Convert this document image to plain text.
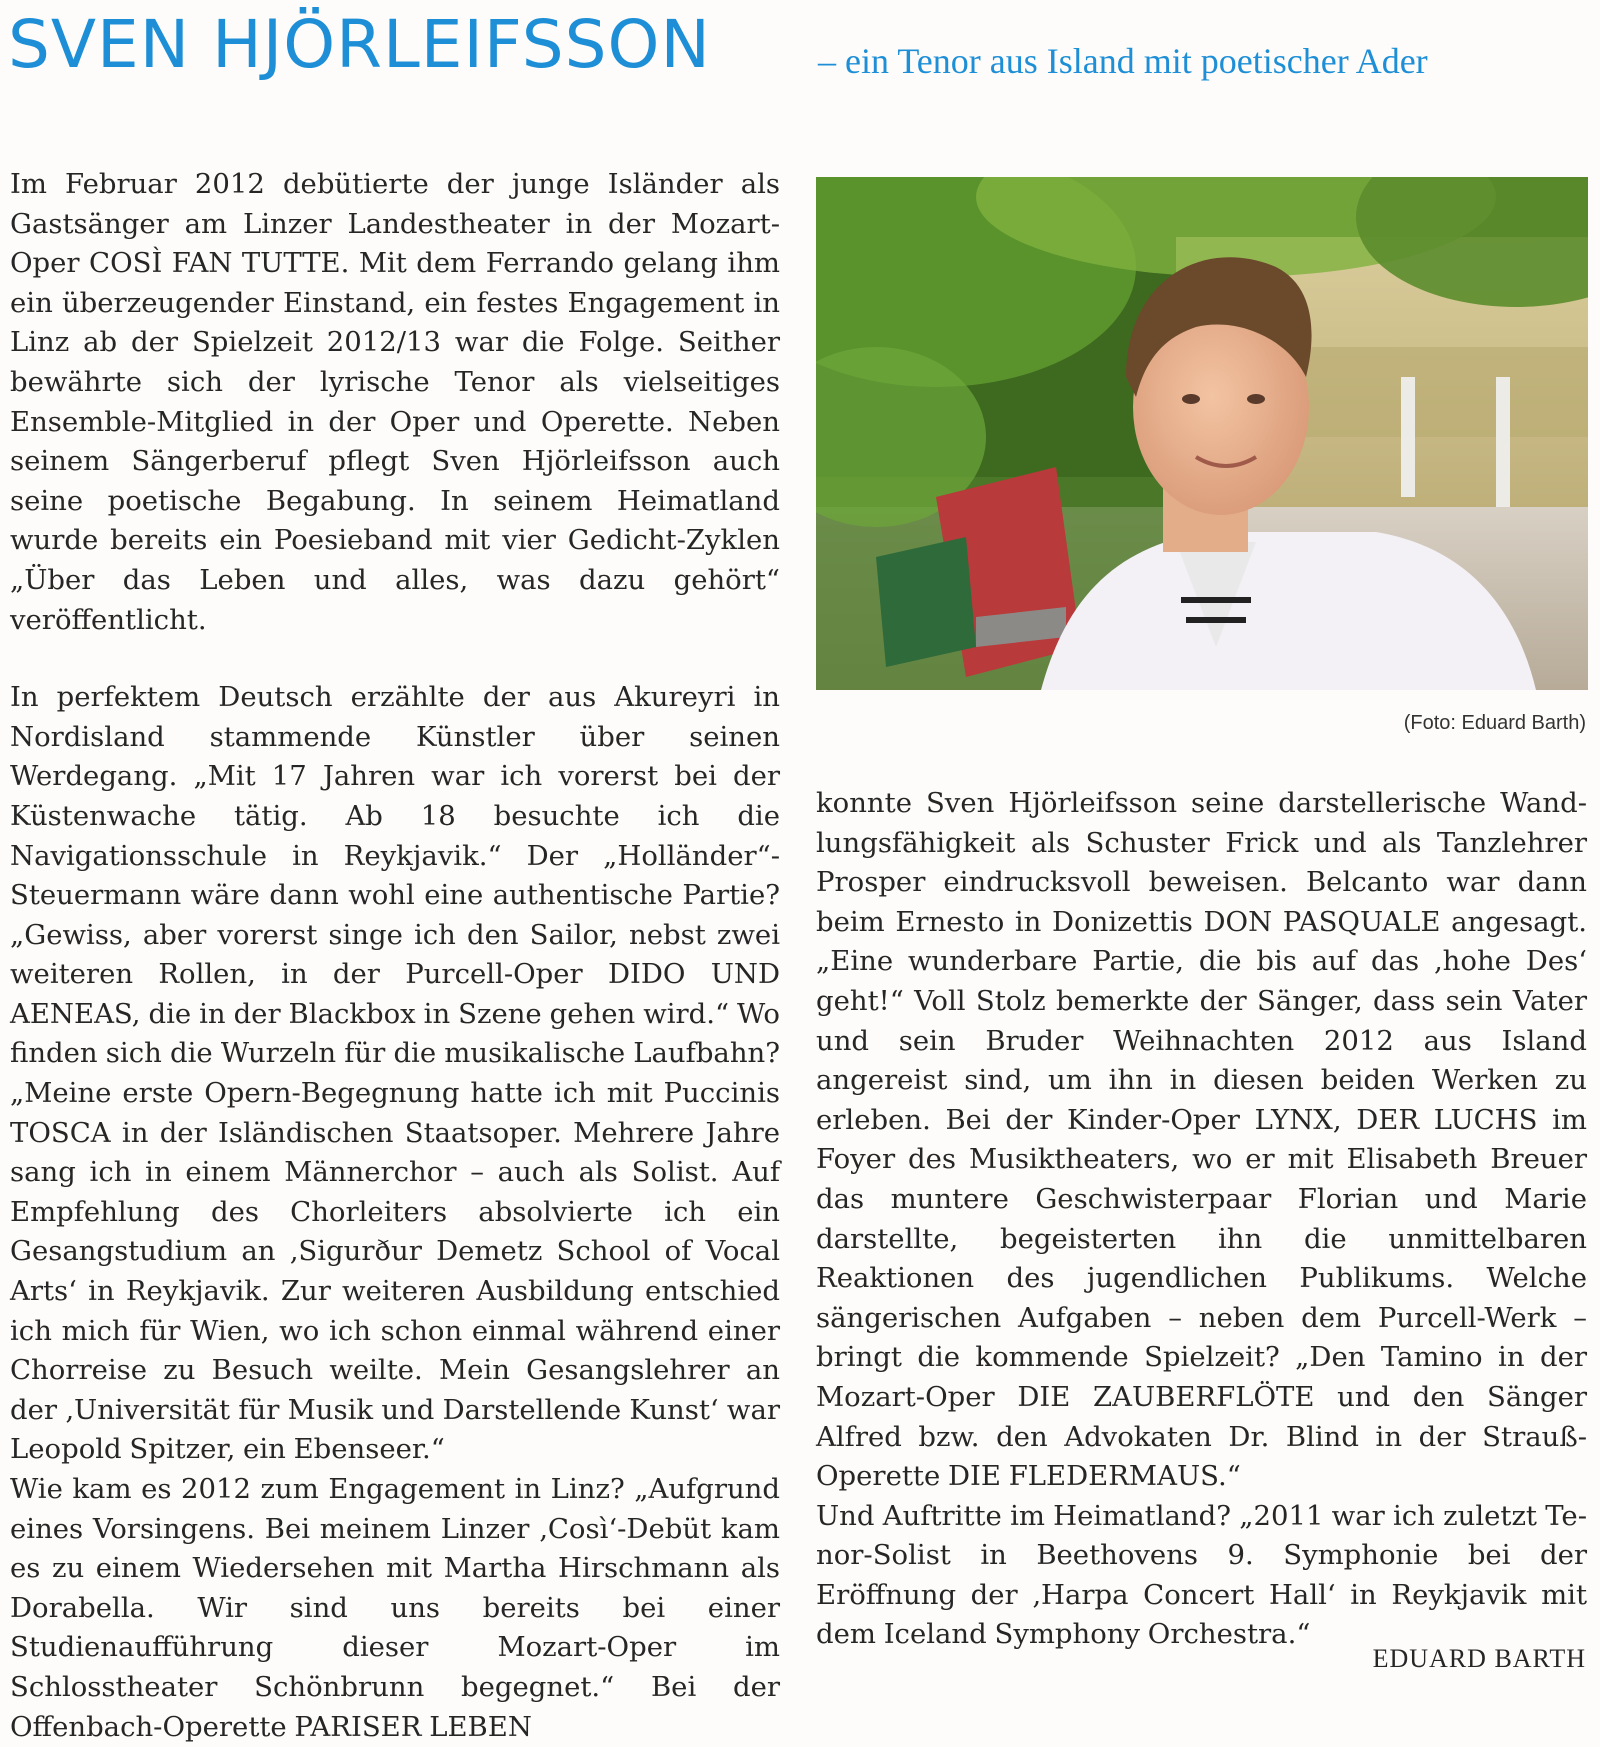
SVEN HJÖRLEIFSSON	– ein Tenor aus Island mit poetischer Ader

Im Februar 2012 debütierte der junge Isländer als Gastsänger am Linzer Landestheater in der Mozart-Oper COSÌ FAN TUTTE. Mit dem Ferrando gelang ihm ein überzeugender Einstand, ein festes Engagement in Linz ab der Spielzeit 2012/13 war die Folge. Seither bewährte sich der lyrische Tenor als vielseitiges Ensemble-Mitglied in der Oper und Operette. Neben seinem Sängerberuf pflegt Sven Hjörleifsson auch seine poetische Begabung. In seinem Heimatland wurde bereits ein Poesieband mit vier Gedicht-Zyklen „Über das Leben und alles, was dazu gehört“ veröffentlicht.

In perfektem Deutsch erzählte der aus Akureyri in Nordisland stammende Künstler über seinen Werdegang. „Mit 17 Jahren war ich vorerst bei der Küstenwache tätig. Ab 18 besuchte ich die Navigationsschule in Reykjavik.“ Der „Holländer“-Steuermann wäre dann wohl eine authentische Partie? „Gewiss, aber vorerst singe ich den Sailor, nebst zwei weiteren Rollen, in der Purcell-Oper DIDO UND AENEAS, die in der Blackbox in Szene gehen wird.“ Wo finden sich die Wurzeln für die musikalische Laufbahn? „Meine erste Opern-Begegnung hatte ich mit Puccinis TOSCA in der Isländischen Staatsoper. Mehrere Jahre sang ich in einem Männerchor – auch als Solist. Auf Empfehlung des Chorleiters absolvierte ich ein Gesangstudium an ‚Sigurður Demetz School of Vocal Arts‘ in Reykjavik. Zur weiteren Ausbildung entschied ich mich für Wien, wo ich schon einmal während einer Chorreise zu Besuch weilte. Mein Gesangslehrer an der ‚Universität für Musik und Darstellende Kunst‘ war Leopold Spitzer, ein Ebenseer.“

Wie kam es 2012 zum Engagement in Linz? „Aufgrund eines Vorsingens. Bei meinem Linzer ‚Così‘-Debüt kam es zu einem Wiedersehen mit Martha Hirschmann als Dorabella. Wir sind uns bereits bei einer Studienaufführung dieser Mozart-Oper im Schlosstheater Schönbrunn begegnet.“ Bei der Offenbach-Operette PARISER LEBEN

(Foto: Eduard Barth)

konnte Sven Hjörleifsson seine darstellerische Wandlungsfähigkeit als Schuster Frick und als Tanzlehrer Prosper eindrucksvoll beweisen. Belcanto war dann beim Ernesto in Donizettis DON PASQUALE angesagt. „Eine wunderbare Partie, die bis auf das ‚hohe Des‘ geht!“ Voll Stolz bemerkte der Sänger, dass sein Vater und sein Bruder Weihnachten 2012 aus Island angereist sind, um ihn in diesen beiden Werken zu erleben. Bei der Kinder-Oper LYNX, DER LUCHS im Foyer des Musiktheaters, wo er mit Elisabeth Breuer das muntere Geschwisterpaar Florian und Marie darstellte, begeisterten ihn die unmittelbaren Reaktionen des jugendlichen Publikums. Welche sängerischen Aufgaben – neben dem Purcell-Werk – bringt die kommende Spielzeit? „Den Tamino in der Mozart-Oper DIE ZAUBERFLÖTE und den Sänger Alfred bzw. den Advokaten Dr. Blind in der Strauß-Operette DIE FLEDERMAUS.“

Und Auftritte im Heimatland? „2011 war ich zuletzt Tenor-Solist in Beethovens 9. Symphonie bei der Eröffnung der ‚Harpa Concert Hall‘ in Reykjavik mit dem Iceland Symphony Orchestra.“

EDUARD BARTH
